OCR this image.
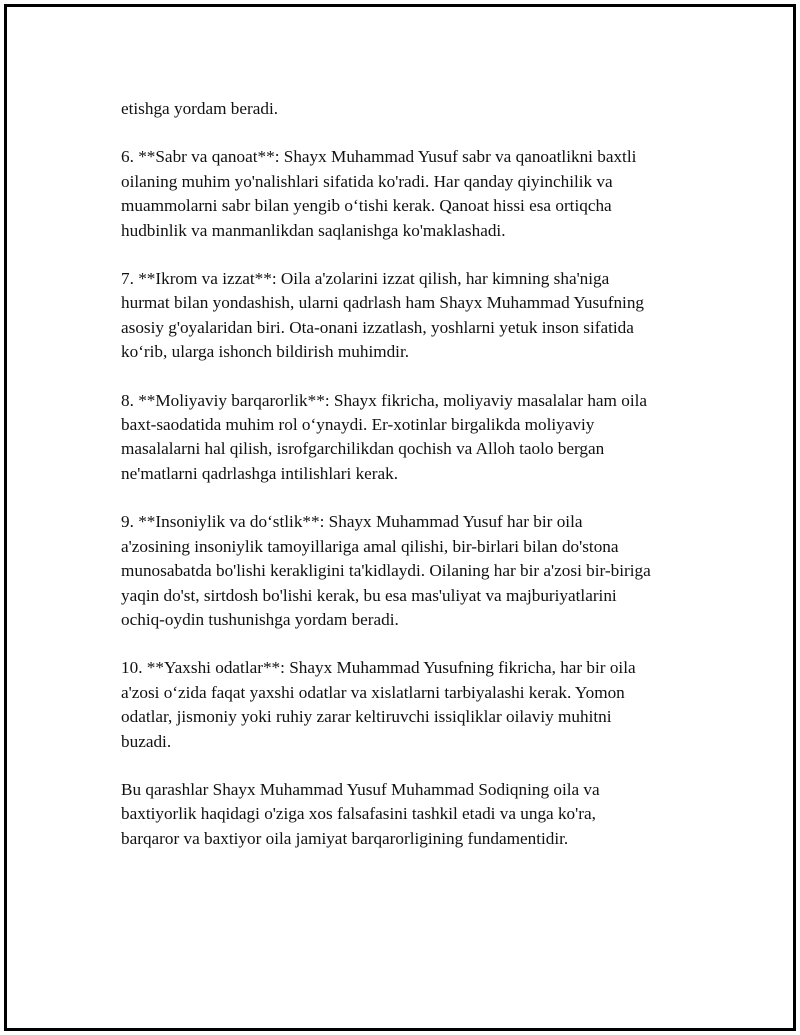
etishga yordam beradi.

6. **Sabr va qanoat**: Shayx Muhammad Yusuf sabr va qanoatlikni baxtli
oilaning muhim yo'nalishlari sifatida ko'radi. Har qanday qiyinchilik va
muammolarni sabr bilan yengib oʻtishi kerak. Qanoat hissi esa ortiqcha
hudbinlik va manmanlikdan saqlanishga ko'maklashadi.

7. **Ikrom va izzat**: Oila a'zolarini izzat qilish, har kimning sha'niga
hurmat bilan yondashish, ularni qadrlash ham Shayx Muhammad Yusufning
asosiy g'oyalaridan biri. Ota-onani izzatlash, yoshlarni yetuk inson sifatida
koʻrib, ularga ishonch bildirish muhimdir.

8. **Moliyaviy barqarorlik**: Shayx fikricha, moliyaviy masalalar ham oila
baxt-saodatida muhim rol oʻynaydi. Er-xotinlar birgalikda moliyaviy
masalalarni hal qilish, isrofgarchilikdan qochish va Alloh taolo bergan
ne'matlarni qadrlashga intilishlari kerak.

9. **Insoniylik va doʻstlik**: Shayx Muhammad Yusuf har bir oila
a'zosining insoniylik tamoyillariga amal qilishi, bir-birlari bilan do'stona
munosabatda bo'lishi kerakligini ta'kidlaydi. Oilaning har bir a'zosi bir-biriga
yaqin do'st, sirtdosh bo'lishi kerak, bu esa mas'uliyat va majburiyatlarini
ochiq-oydin tushunishga yordam beradi.

10. **Yaxshi odatlar**: Shayx Muhammad Yusufning fikricha, har bir oila
a'zosi oʻzida faqat yaxshi odatlar va xislatlarni tarbiyalashi kerak. Yomon
odatlar, jismoniy yoki ruhiy zarar keltiruvchi issiqliklar oilaviy muhitni
buzadi.

Bu qarashlar Shayx Muhammad Yusuf Muhammad Sodiqning oila va
baxtiyorlik haqidagi o'ziga xos falsafasini tashkil etadi va unga ko'ra,
barqaror va baxtiyor oila jamiyat barqarorligining fundamentidir.
